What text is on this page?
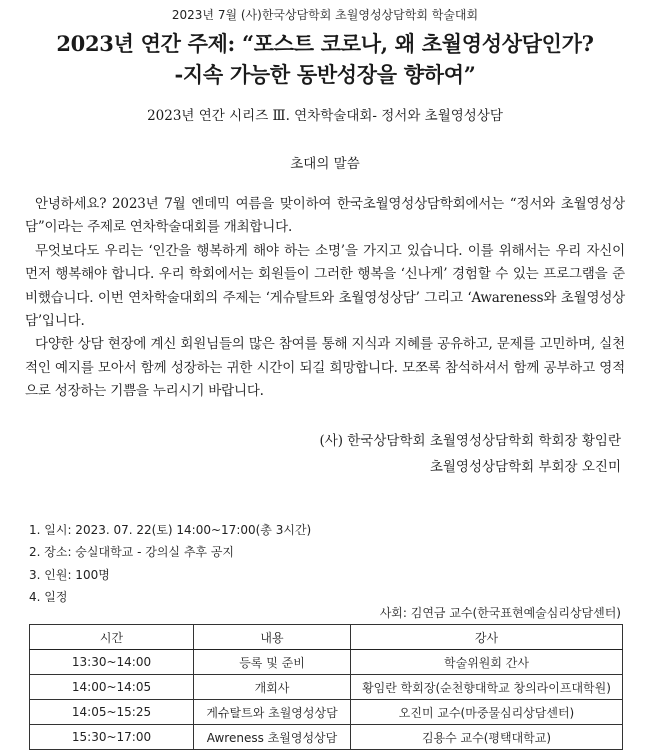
2023년 7월 (사)한국상담학회 초월영성상담학회 학술대회
2023년 연간 주제: “포스트 코로나, 왜 초월영성상담인가?
-지속 가능한 동반성장을 향하여”
2023년 연간 시리즈 Ⅲ. 연차학술대회- 정서와 초월영성상담
초대의 말씀

안녕하세요? 2023년 7월 엔데믹 여름을 맞이하여 한국초월영성상담학회에서는 “정서와 초월영성상담”이라는 주제로 연차학술대회를 개최합니다.

무엇보다도 우리는 ‘인간을 행복하게 해야 하는 소명’을 가지고 있습니다. 이를 위해서는 우리 자신이 먼저 행복해야 합니다. 우리 학회에서는 회원들이 그러한 행복을 ‘신나게’ 경험할 수 있는 프로그램을 준비했습니다. 이번 연차학술대회의 주제는 ‘게슈탈트와 초월영성상담’ 그리고 ‘Awareness와 초월영성상담’입니다.

다양한 상담 현장에 계신 회원님들의 많은 참여를 통해 지식과 지혜를 공유하고, 문제를 고민하며, 실천적인 예지를 모아서 함께 성장하는 귀한 시간이 되길 희망합니다. 모쪼록 참석하셔서 함께 공부하고 영적으로 성장하는 기쁨을 누리시기 바랍니다.

(사) 한국상담학회 초월영성상담학회 학회장 황임란
초월영성상담학회 부회장 오진미
1. 일시: 2023. 07. 22(토) 14:00~17:00(총 3시간)
2. 장소: 숭실대학교 - 강의실 추후 공지
3. 인원: 100명
4. 일정
사회: 김연금 교수(한국표현예술심리상담센터)
시간	내용	강사
13:30~14:00	등록 및 준비	학술위원회 간사
14:00~14:05	개회사	황임란 학회장(순천향대학교 창의라이프대학원)
14:05~15:25	게슈탈트와 초월영성상담	오진미 교수(마중물심리상담센터)
15:30~17:00	Awreness 초월영성상담	김용수 교수(평택대학교)
